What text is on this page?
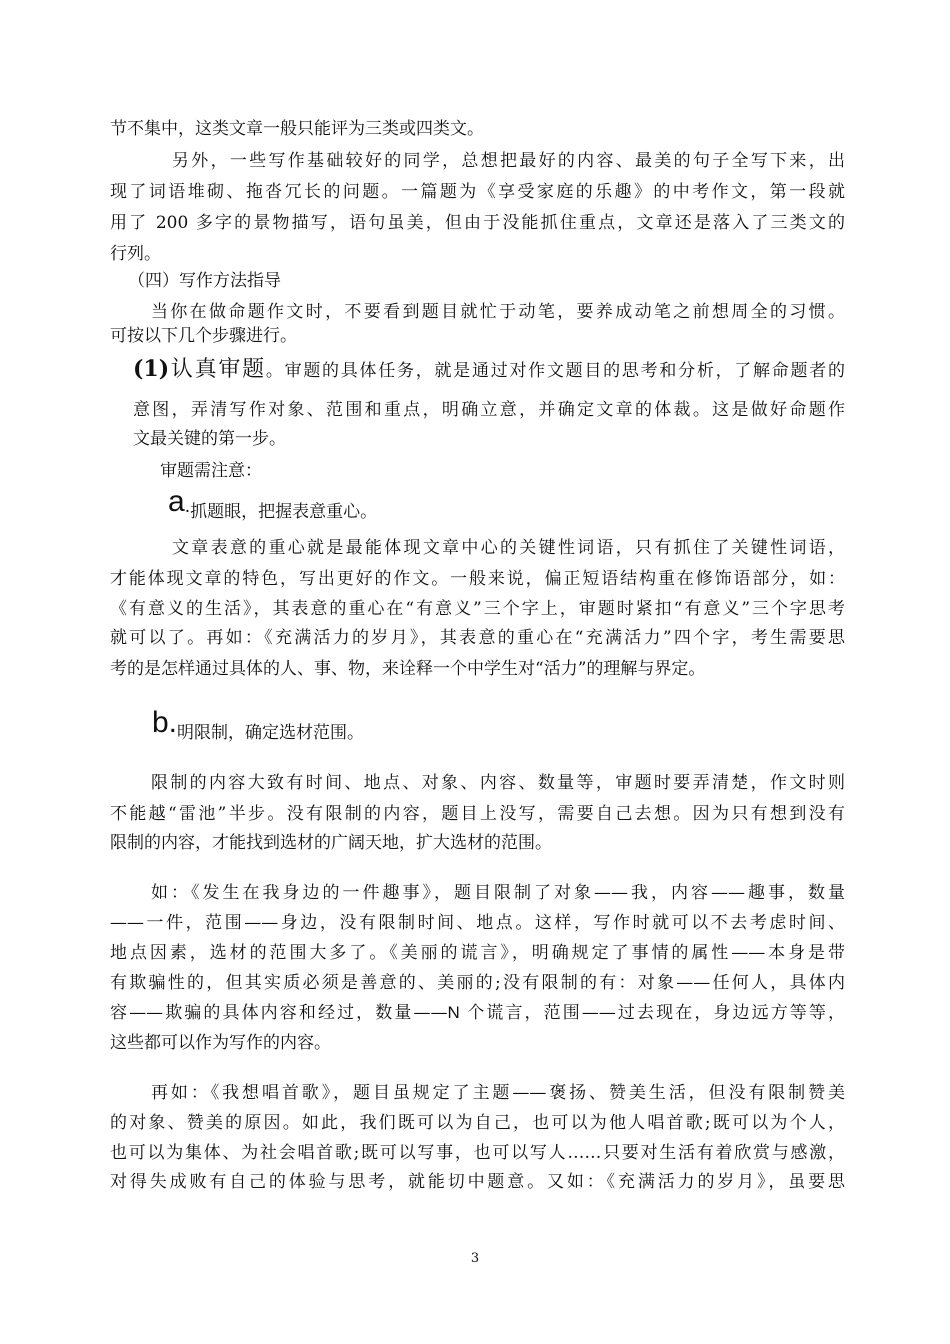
节不集中，这类文章一般只能评为三类或四类文。
另外，一些写作基础较好的同学，总想把最好的内容、最美的句子全写下来，出
现了词语堆砌、拖沓冗长的问题。一篇题为《享受家庭的乐趣》的中考作文，第一段就
用了 200 多字的景物描写，语句虽美，但由于没能抓住重点，文章还是落入了三类文的
行列。
（四）写作方法指导
当你在做命题作文时，不要看到题目就忙于动笔，要养成动笔之前想周全的习惯。
可按以下几个步骤进行。
(1)认真审题。审题的具体任务，就是通过对作文题目的思考和分析，了解命题者的
意图，弄清写作对象、范围和重点，明确立意，并确定文章的体裁。这是做好命题作
文最关键的第一步。
审题需注意：
a·抓题眼，把握表意重心。
文章表意的重心就是最能体现文章中心的关键性词语，只有抓住了关键性词语，
才能体现文章的特色，写出更好的作文。一般来说，偏正短语结构重在修饰语部分，如：
《有意义的生活》，其表意的重心在“有意义”三个字上，审题时紧扣“有意义”三个字思考
就可以了。再如：《充满活力的岁月》，其表意的重心在“充满活力”四个字，考生需要思
考的是怎样通过具体的人、事、物，来诠释一个中学生对“活力”的理解与界定。
b.明限制，确定选材范围。
限制的内容大致有时间、地点、对象、内容、数量等，审题时要弄清楚，作文时则
不能越“雷池”半步。没有限制的内容，题目上没写，需要自己去想。因为只有想到没有
限制的内容，才能找到选材的广阔天地，扩大选材的范围。
如：《发生在我身边的一件趣事》，题目限制了对象——我，内容——趣事，数量
——一件，范围——身边，没有限制时间、地点。这样，写作时就可以不去考虑时间、
地点因素，选材的范围大多了。《美丽的谎言》，明确规定了事情的属性——本身是带
有欺骗性的，但其实质必须是善意的、美丽的;没有限制的有：对象——任何人，具体内
容——欺骗的具体内容和经过，数量——N 个谎言，范围——过去现在，身边远方等等，
这些都可以作为写作的内容。
再如：《我想唱首歌》，题目虽规定了主题——褒扬、赞美生活，但没有限制赞美
的对象、赞美的原因。如此，我们既可以为自己，也可以为他人唱首歌;既可以为个人，
也可以为集体、为社会唱首歌;既可以写事，也可以写人……只要对生活有着欣赏与感激，
对得失成败有自己的体验与思考，就能切中题意。又如：《充满活力的岁月》，虽要思
3
